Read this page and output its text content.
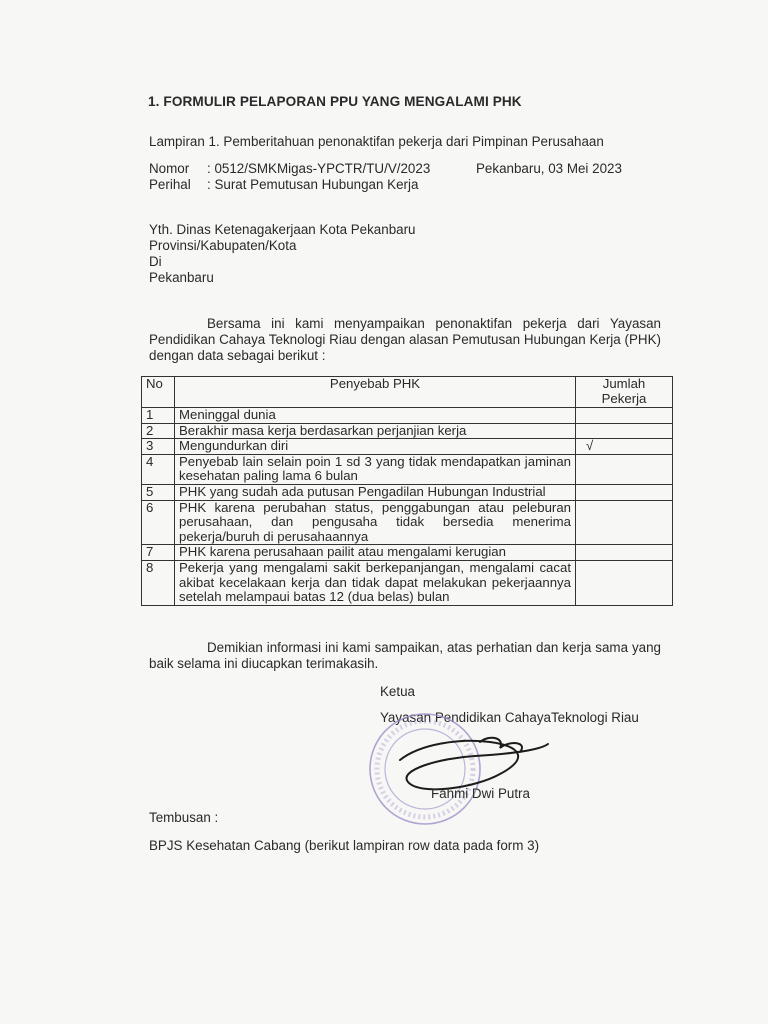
1. FORMULIR PELAPORAN PPU YANG MENGALAMI PHK
Lampiran 1. Pemberitahuan penonaktifan pekerja dari Pimpinan Perusahaan
Nomor : 0512/SMKMigas-YPCTR/TU/V/2023	Pekanbaru, 03 Mei 2023
Perihal : Surat Pemutusan Hubungan Kerja
Yth. Dinas Ketenagakerjaan Kota Pekanbaru
Provinsi/Kabupaten/Kota
Di
Pekanbaru
Bersama ini kami menyampaikan penonaktifan pekerja dari Yayasan Pendidikan Cahaya Teknologi Riau dengan alasan Pemutusan Hubungan Kerja (PHK) dengan data sebagai berikut :
No	Penyebab PHK	Jumlah Pekerja
1	Meninggal dunia	
2	Berakhir masa kerja berdasarkan perjanjian kerja	
3	Mengundurkan diri	√
4	Penyebab lain selain poin 1 sd 3 yang tidak mendapatkan jaminan kesehatan paling lama 6 bulan	
5	PHK yang sudah ada putusan Pengadilan Hubungan Industrial	
6	PHK karena perubahan status, penggabungan atau peleburan perusahaan, dan pengusaha tidak bersedia menerima pekerja/buruh di perusahaannya	
7	PHK karena perusahaan pailit atau mengalami kerugian	
8	Pekerja yang mengalami sakit berkepanjangan, mengalami cacat akibat kecelakaan kerja dan tidak dapat melakukan pekerjaannya setelah melampaui batas 12 (dua belas) bulan	
Demikian informasi ini kami sampaikan, atas perhatian dan kerja sama yang baik selama ini diucapkan terimakasih.
Ketua
Yayasan Pendidikan CahayaTeknologi Riau
Fahmi Dwi Putra
Tembusan :
BPJS Kesehatan Cabang (berikut lampiran row data pada form 3)
